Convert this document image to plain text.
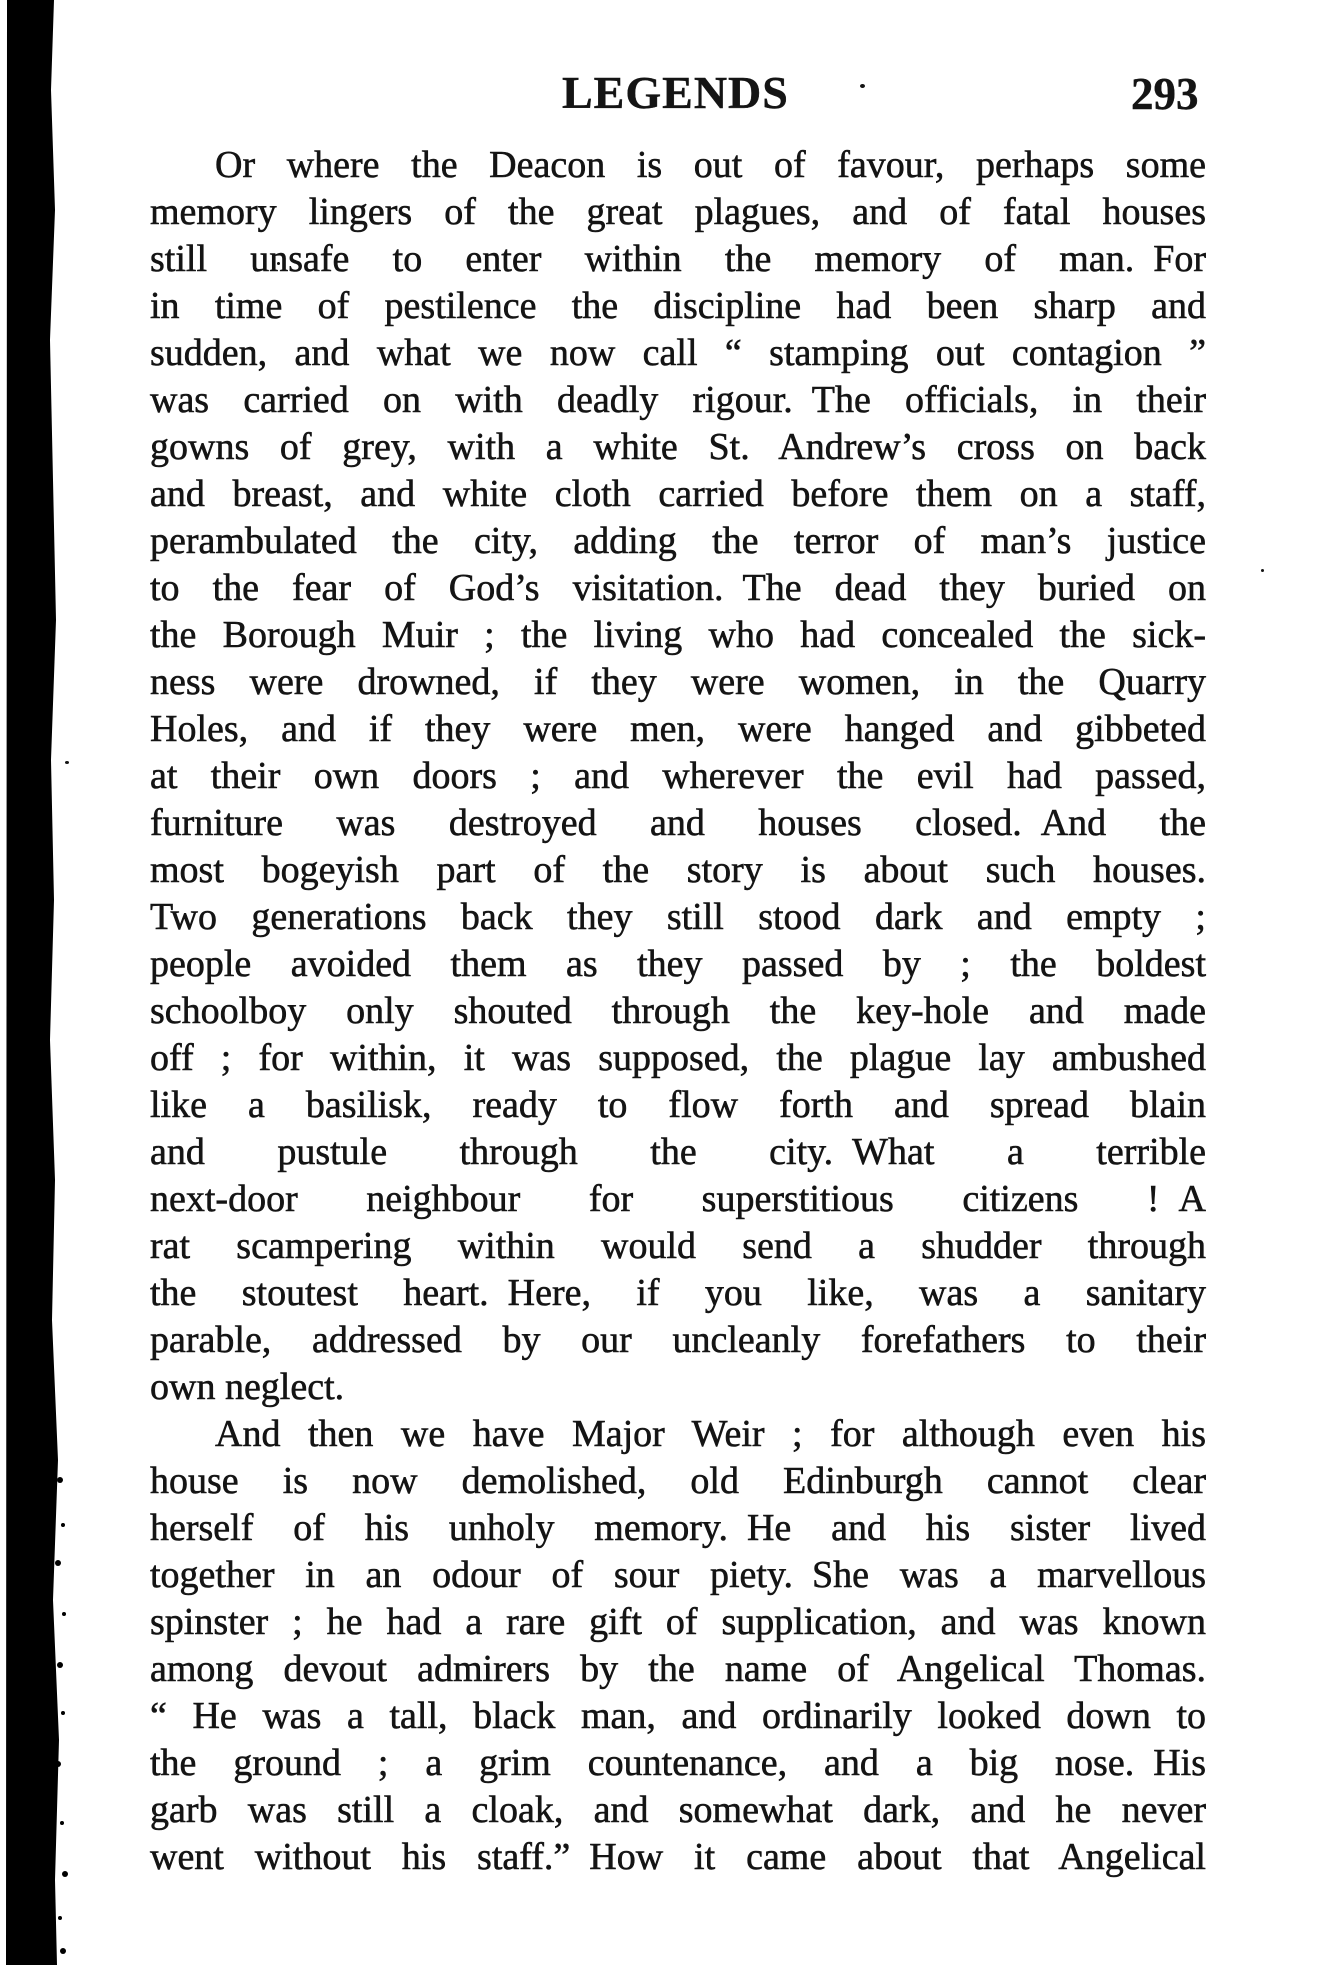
LEGENDS	293
Or where the Deacon is out of favour, perhaps some
memory lingers of the great plagues, and of fatal houses
still unsafe to enter within the memory of man. For
in time of pestilence the discipline had been sharp and
sudden, and what we now call “ stamping out contagion ”
was carried on with deadly rigour. The officials, in their
gowns of grey, with a white St. Andrew’s cross on back
and breast, and white cloth carried before them on a staff,
perambulated the city, adding the terror of man’s justice
to the fear of God’s visitation. The dead they buried on
the Borough Muir ; the living who had concealed the sick-
ness were drowned, if they were women, in the Quarry
Holes, and if they were men, were hanged and gibbeted
at their own doors ; and wherever the evil had passed,
furniture was destroyed and houses closed. And the
most bogeyish part of the story is about such houses.
Two generations back they still stood dark and empty ;
people avoided them as they passed by ; the boldest
schoolboy only shouted through the key-hole and made
off ; for within, it was supposed, the plague lay ambushed
like a basilisk, ready to flow forth and spread blain
and pustule through the city. What a terrible
next-door neighbour for superstitious citizens ! A
rat scampering within would send a shudder through
the stoutest heart. Here, if you like, was a sanitary
parable, addressed by our uncleanly forefathers to their
own neglect.
And then we have Major Weir ; for although even his
house is now demolished, old Edinburgh cannot clear
herself of his unholy memory. He and his sister lived
together in an odour of sour piety. She was a marvellous
spinster ; he had a rare gift of supplication, and was known
among devout admirers by the name of Angelical Thomas.
“ He was a tall, black man, and ordinarily looked down to
the ground ; a grim countenance, and a big nose. His
garb was still a cloak, and somewhat dark, and he never
went without his staff.” How it came about that Angelical
